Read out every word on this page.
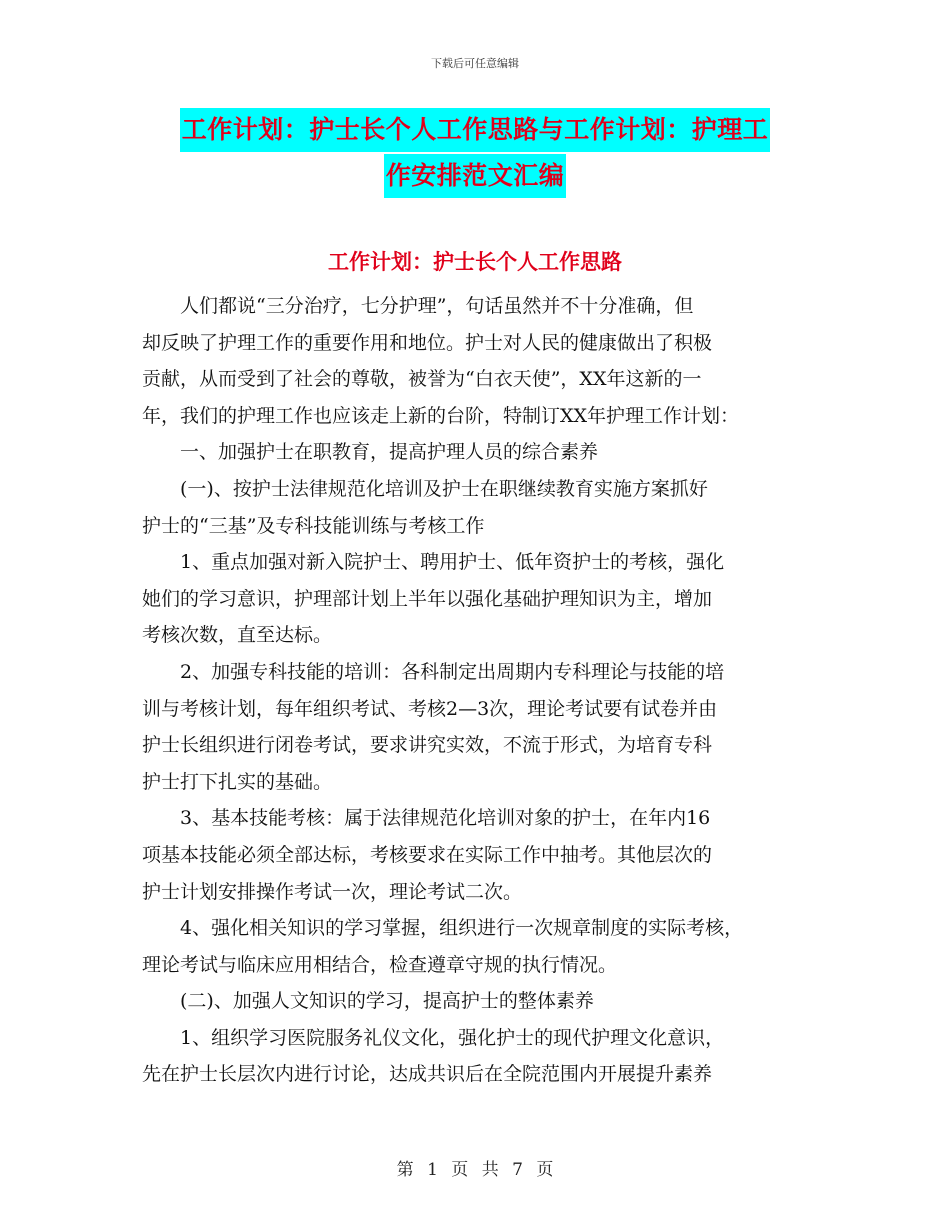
下载后可任意编辑
工作计划：护士长个人工作思路与工作计划：护理工
作安排范文汇编
工作计划：护士长个人工作思路

　　人们都说“三分治疗，七分护理”，句话虽然并不十分准确，但

却反映了护理工作的重要作用和地位。护士对人民的健康做出了积极

贡献，从而受到了社会的尊敬，被誉为“白衣天使”，XX年这新的一

年，我们的护理工作也应该走上新的台阶，特制订XX年护理工作计划：

　　一、加强护士在职教育，提高护理人员的综合素养

　　(一)、按护士法律规范化培训及护士在职继续教育实施方案抓好

护士的“三基”及专科技能训练与考核工作

　　1、重点加强对新入院护士、聘用护士、低年资护士的考核，强化

她们的学习意识，护理部计划上半年以强化基础护理知识为主，增加

考核次数，直至达标。

　　2、加强专科技能的培训：各科制定出周期内专科理论与技能的培

训与考核计划，每年组织考试、考核2—3次，理论考试要有试卷并由

护士长组织进行闭卷考试，要求讲究实效，不流于形式，为培育专科

护士打下扎实的基础。

　　3、基本技能考核：属于法律规范化培训对象的护士，在年内16

项基本技能必须全部达标，考核要求在实际工作中抽考。其他层次的

护士计划安排操作考试一次，理论考试二次。

　　4、强化相关知识的学习掌握，组织进行一次规章制度的实际考核，

理论考试与临床应用相结合，检查遵章守规的执行情况。

　　(二)、加强人文知识的学习，提高护士的整体素养

　　1、组织学习医院服务礼仪文化，强化护士的现代护理文化意识，

先在护士长层次内进行讨论，达成共识后在全院范围内开展提升素养

第 1 页 共 7 页
